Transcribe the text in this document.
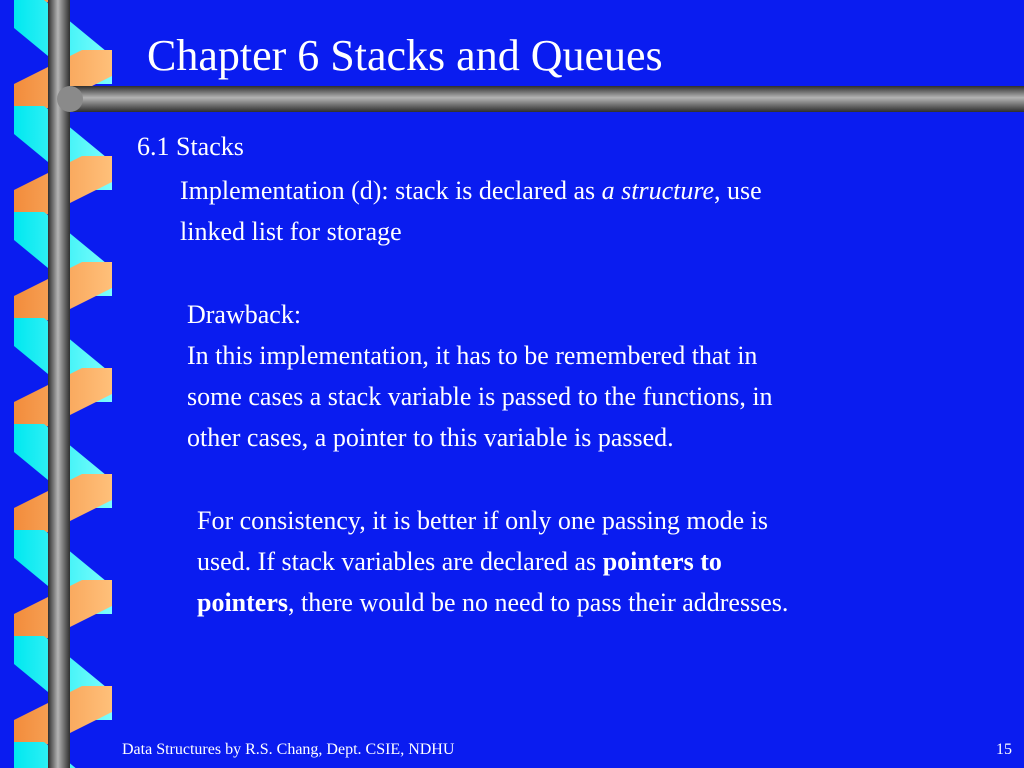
Chapter 6 Stacks and Queues
6.1 Stacks
Implementation (d): stack is declared as a structure, use
linked list for storage
Drawback:
In this implementation, it has to be remembered that in
some cases a stack variable is passed to the functions, in
other cases, a pointer to this variable is passed.
For consistency, it is better if only one passing mode is
used. If stack variables are declared as pointers to
pointers, there would be no need to pass their addresses.
Data Structures by R.S. Chang, Dept. CSIE, NDHU	15
